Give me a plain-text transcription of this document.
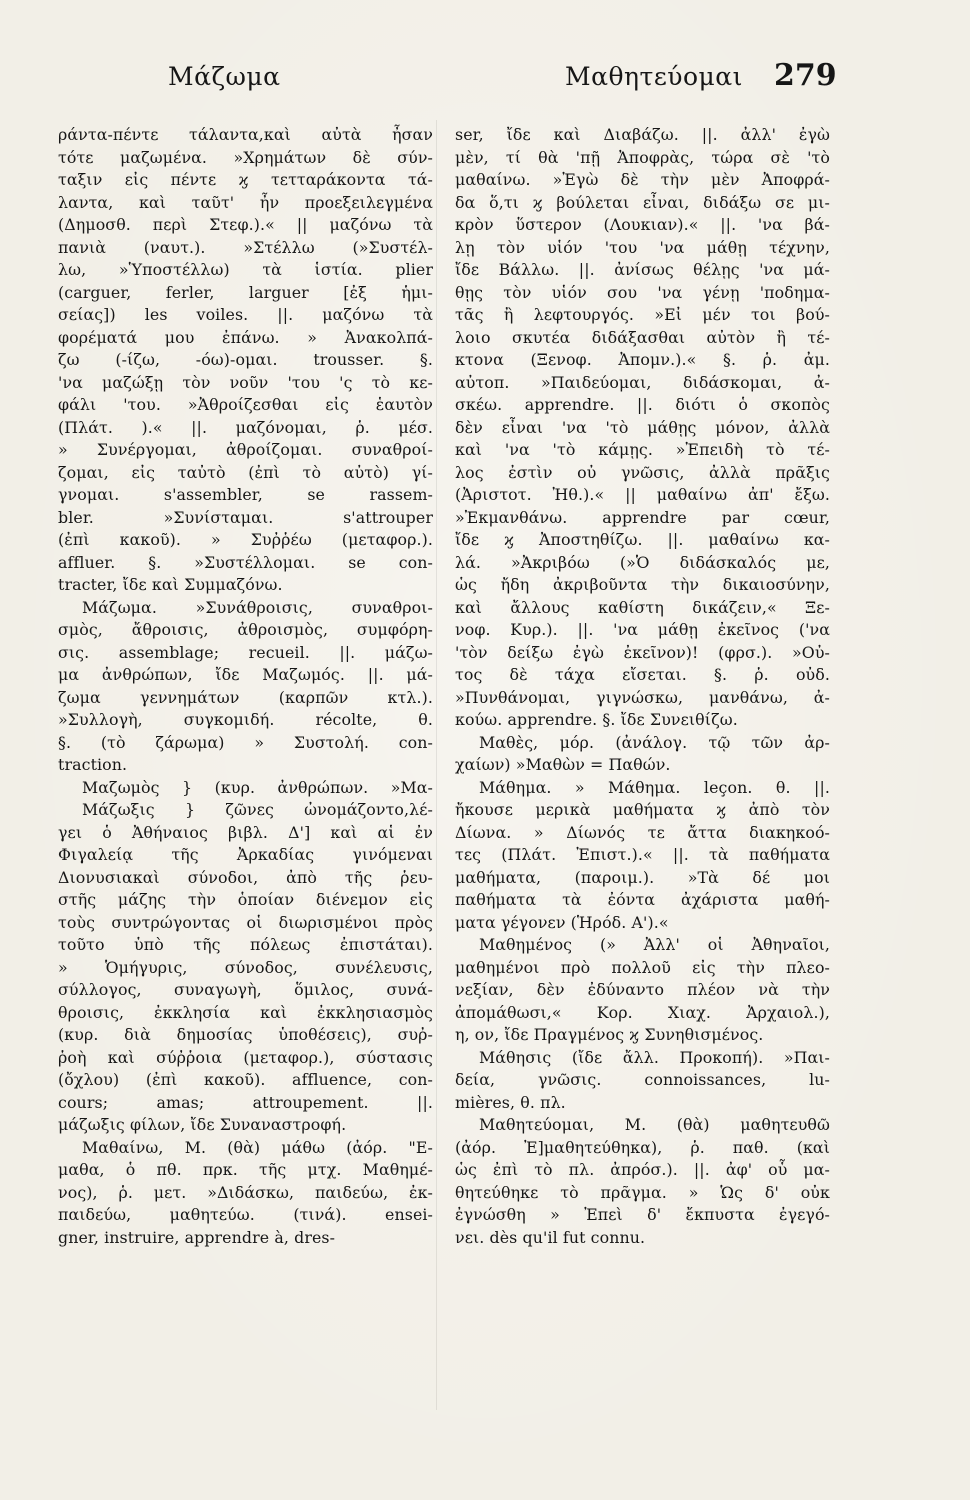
Μάζωμα	Μαθητεύομαι 279
ράντα-πέντε τάλαντα,καὶ αὐτὰ ἦσαν
τότε μαζωμένα. »Χρημάτων δὲ σύν-
ταξιν εἰς πέντε ϗ τετταράκοντα τά-
λαντα, καὶ ταῦτ' ἦν προεξειλεγμένα
(Δημοσθ. περὶ Στεφ.).« || μαζόνω τὰ
πανιὰ (ναυτ.). »Στέλλω (»Συστέλ-
λω, »Ὑποστέλλω) τὰ ἱστία. plier
(carguer, ferler, larguer [ἐξ ἡμι-
σείας]) les voiles. ||. μαζόνω τὰ
φορέματά μου ἐπάνω. » Ἀνακολπά-
ζω (-ίζω, -όω)-ομαι. trousser. §.
'να μαζώξῃ τὸν νοῦν 'του 'ς τὸ κε-
φάλι 'του. »Ἀθροίζεσθαι εἰς ἑαυτὸν
(Πλάτ. ).« ||. μαζόνομαι, ῥ. μέσ.
» Συνέργομαι, ἀθροίζομαι. συναθροί-
ζομαι, εἰς ταὐτὸ (ἐπὶ τὸ αὐτὸ) γί-
γνομαι. s'assembler, se rassem-
bler. »Συνίσταμαι. s'attrouper
(ἐπὶ κακοῦ). » Συῤῥέω (μεταφορ.).
affluer. §. »Συστέλλομαι. se con-
tracter, ἴδε καὶ Συμμαζόνω.
Μάζωμα. »Συνάθροισις, συναθροι-
σμὸς, ἄθροισις, ἀθροισμὸς, συμφόρη-
σις. assemblage; recueil. ||. μάζω-
μα ἀνθρώπων, ἴδε Μαζωμός. ||. μά-
ζωμα γεννημάτων (καρπῶν κτλ.).
»Συλλογὴ, συγκομιδή. récolte, θ.
§. (τὸ ζάρωμα) » Συστολή. con-
traction.
Μαζωμὸς } (κυρ. ἀνθρώπων. »Μα-
Μάζωξις } ζῶνες ὠνομάζοντο,λέ-
γει ὁ Ἀθήναιος βιβλ. Δ'] καὶ αἱ ἐν
Φιγαλείᾳ τῆς Ἀρκαδίας γινόμεναι
Διονυσιακαὶ σύνοδοι, ἀπὸ τῆς ῥευ-
στῆς μάζης τὴν ὁποίαν διένεμον εἰς
τοὺς συντρώγοντας οἱ διωρισμένοι πρὸς
τοῦτο ὑπὸ τῆς πόλεως ἐπιστάται).
» Ὁμήγυρις, σύνοδος, συνέλευσις,
σύλλογος, συναγωγὴ, ὅμιλος, συνά-
θροισις, ἐκκλησία καὶ ἐκκλησιασμὸς
(κυρ. διὰ δημοσίας ὑποθέσεις), συῤ-
ῥοὴ καὶ σύῤῥοια (μεταφορ.), σύστασις
(ὄχλου) (ἐπὶ κακοῦ). affluence, con-
cours; amas; attroupement. ||.
μάζωξις φίλων, ἴδε Συναναστροφή.
Μαθαίνω, Μ. (θὰ) μάθω (ἀόρ. "Ε-
μαθα, ὁ πθ. πρκ. τῆς μτχ. Μαθημέ-
νος), ῥ. μετ. »Διδάσκω, παιδεύω, ἐκ-
παιδεύω, μαθητεύω. (τινά). ensei-
gner, instruire, apprendre à, dres-
ser, ἴδε καὶ Διαβάζω. ||. ἀλλ' ἐγὼ
μὲν, τί θὰ 'πῇ Ἀποφρὰς, τώρα σὲ 'τὸ
μαθαίνω. »Ἐγὼ δὲ τὴν μὲν Ἀποφρά-
δα ὅ,τι ϗ βούλεται εἶναι, διδάξω σε μι-
κρὸν ὕστερον (Λουκιαν).« ||. 'να βά-
λῃ τὸν υἱόν 'του 'να μάθῃ τέχνην,
ἴδε Βάλλω. ||. ἀνίσως θέλῃς 'να μά-
θῃς τὸν υἱόν σου 'να γένῃ 'ποδημα-
τᾶς ἢ λεφτουργός. »Εἰ μέν τοι βού-
λοιο σκυτέα διδάξασθαι αὐτὸν ἢ τέ-
κτονα (Ξενοφ. Ἀπομν.).« §. ῥ. ἀμ.
αὐτοπ. »Παιδεύομαι, διδάσκομαι, ἀ-
σκέω. apprendre. ||. διότι ὁ σκοπὸς
δὲν εἶναι 'να 'τὸ μάθῃς μόνον, ἀλλὰ
καὶ 'να 'τὸ κάμῃς. »Ἐπειδὴ τὸ τέ-
λος ἐστὶν οὐ γνῶσις, ἀλλὰ πρᾶξις
(Ἀριστοτ. Ἠθ.).« || μαθαίνω ἀπ' ἔξω.
»Ἐκμανθάνω. apprendre par cœur,
ἴδε ϗ Ἀποστηθίζω. ||. μαθαίνω κα-
λά. »Ἀκριβόω (»Ὁ διδάσκαλός με,
ὡς ἤδη ἀκριβοῦντα τὴν δικαιοσύνην,
καὶ ἄλλους καθίστη δικάζειν,« Ξε-
νοφ. Κυρ.). ||. 'να μάθῃ ἐκεῖνος ('να
'τὸν δείξω ἐγὼ ἐκεῖνον)! (φρσ.). »Οὐ-
τος δὲ τάχα εἴσεται. §. ῥ. οὐδ.
»Πυνθάνομαι, γιγνώσκω, μανθάνω, ἀ-
κούω. apprendre. §. ἴδε Συνειθίζω.
Μαθὲς, μόρ. (ἀνάλογ. τῷ τῶν ἀρ-
χαίων) »Μαθὼν = Παθών.
Μάθημα. » Μάθημα. leçon. θ. ||.
ἤκουσε μερικὰ μαθήματα ϗ ἀπὸ τὸν
Δίωνα. » Δίωνός τε ἄττα διακηκοό-
τες (Πλάτ. Ἐπιστ.).« ||. τὰ παθήματα
μαθήματα, (παροιμ.). »Τὰ δέ μοι
παθήματα τὰ ἐόντα ἀχάριστα μαθή-
ματα γέγονεν (Ἡρόδ. Α').«
Μαθημένος (» Ἀλλ' οἱ Ἀθηναῖοι,
μαθημένοι πρὸ πολλοῦ εἰς τὴν πλεο-
νεξίαν, δὲν ἐδύναντο πλέον νὰ τὴν
ἀπομάθωσι,« Κορ. Χιαχ. Ἀρχαιολ.),
η, ον, ἴδε Πραγμένος ϗ Συνηθισμένος.
Μάθησις (ἴδε ἄλλ. Προκοπή). »Παι-
δεία, γνῶσις. connoissances, lu-
mières, θ. πλ.
Μαθητεύομαι, Μ. (θὰ) μαθητευθῶ
(ἀόρ. Ἐ]μαθητεύθηκα), ῥ. παθ. (καὶ
ὡς ἐπὶ τὸ πλ. ἀπρόσ.). ||. ἀφ' οὗ μα-
θητεύθηκε τὸ πρᾶγμα. » Ὡς δ' οὐκ
ἐγνώσθη » Ἐπεὶ δ' ἔκπυστα ἐγεγό-
νει. dès qu'il fut connu.
